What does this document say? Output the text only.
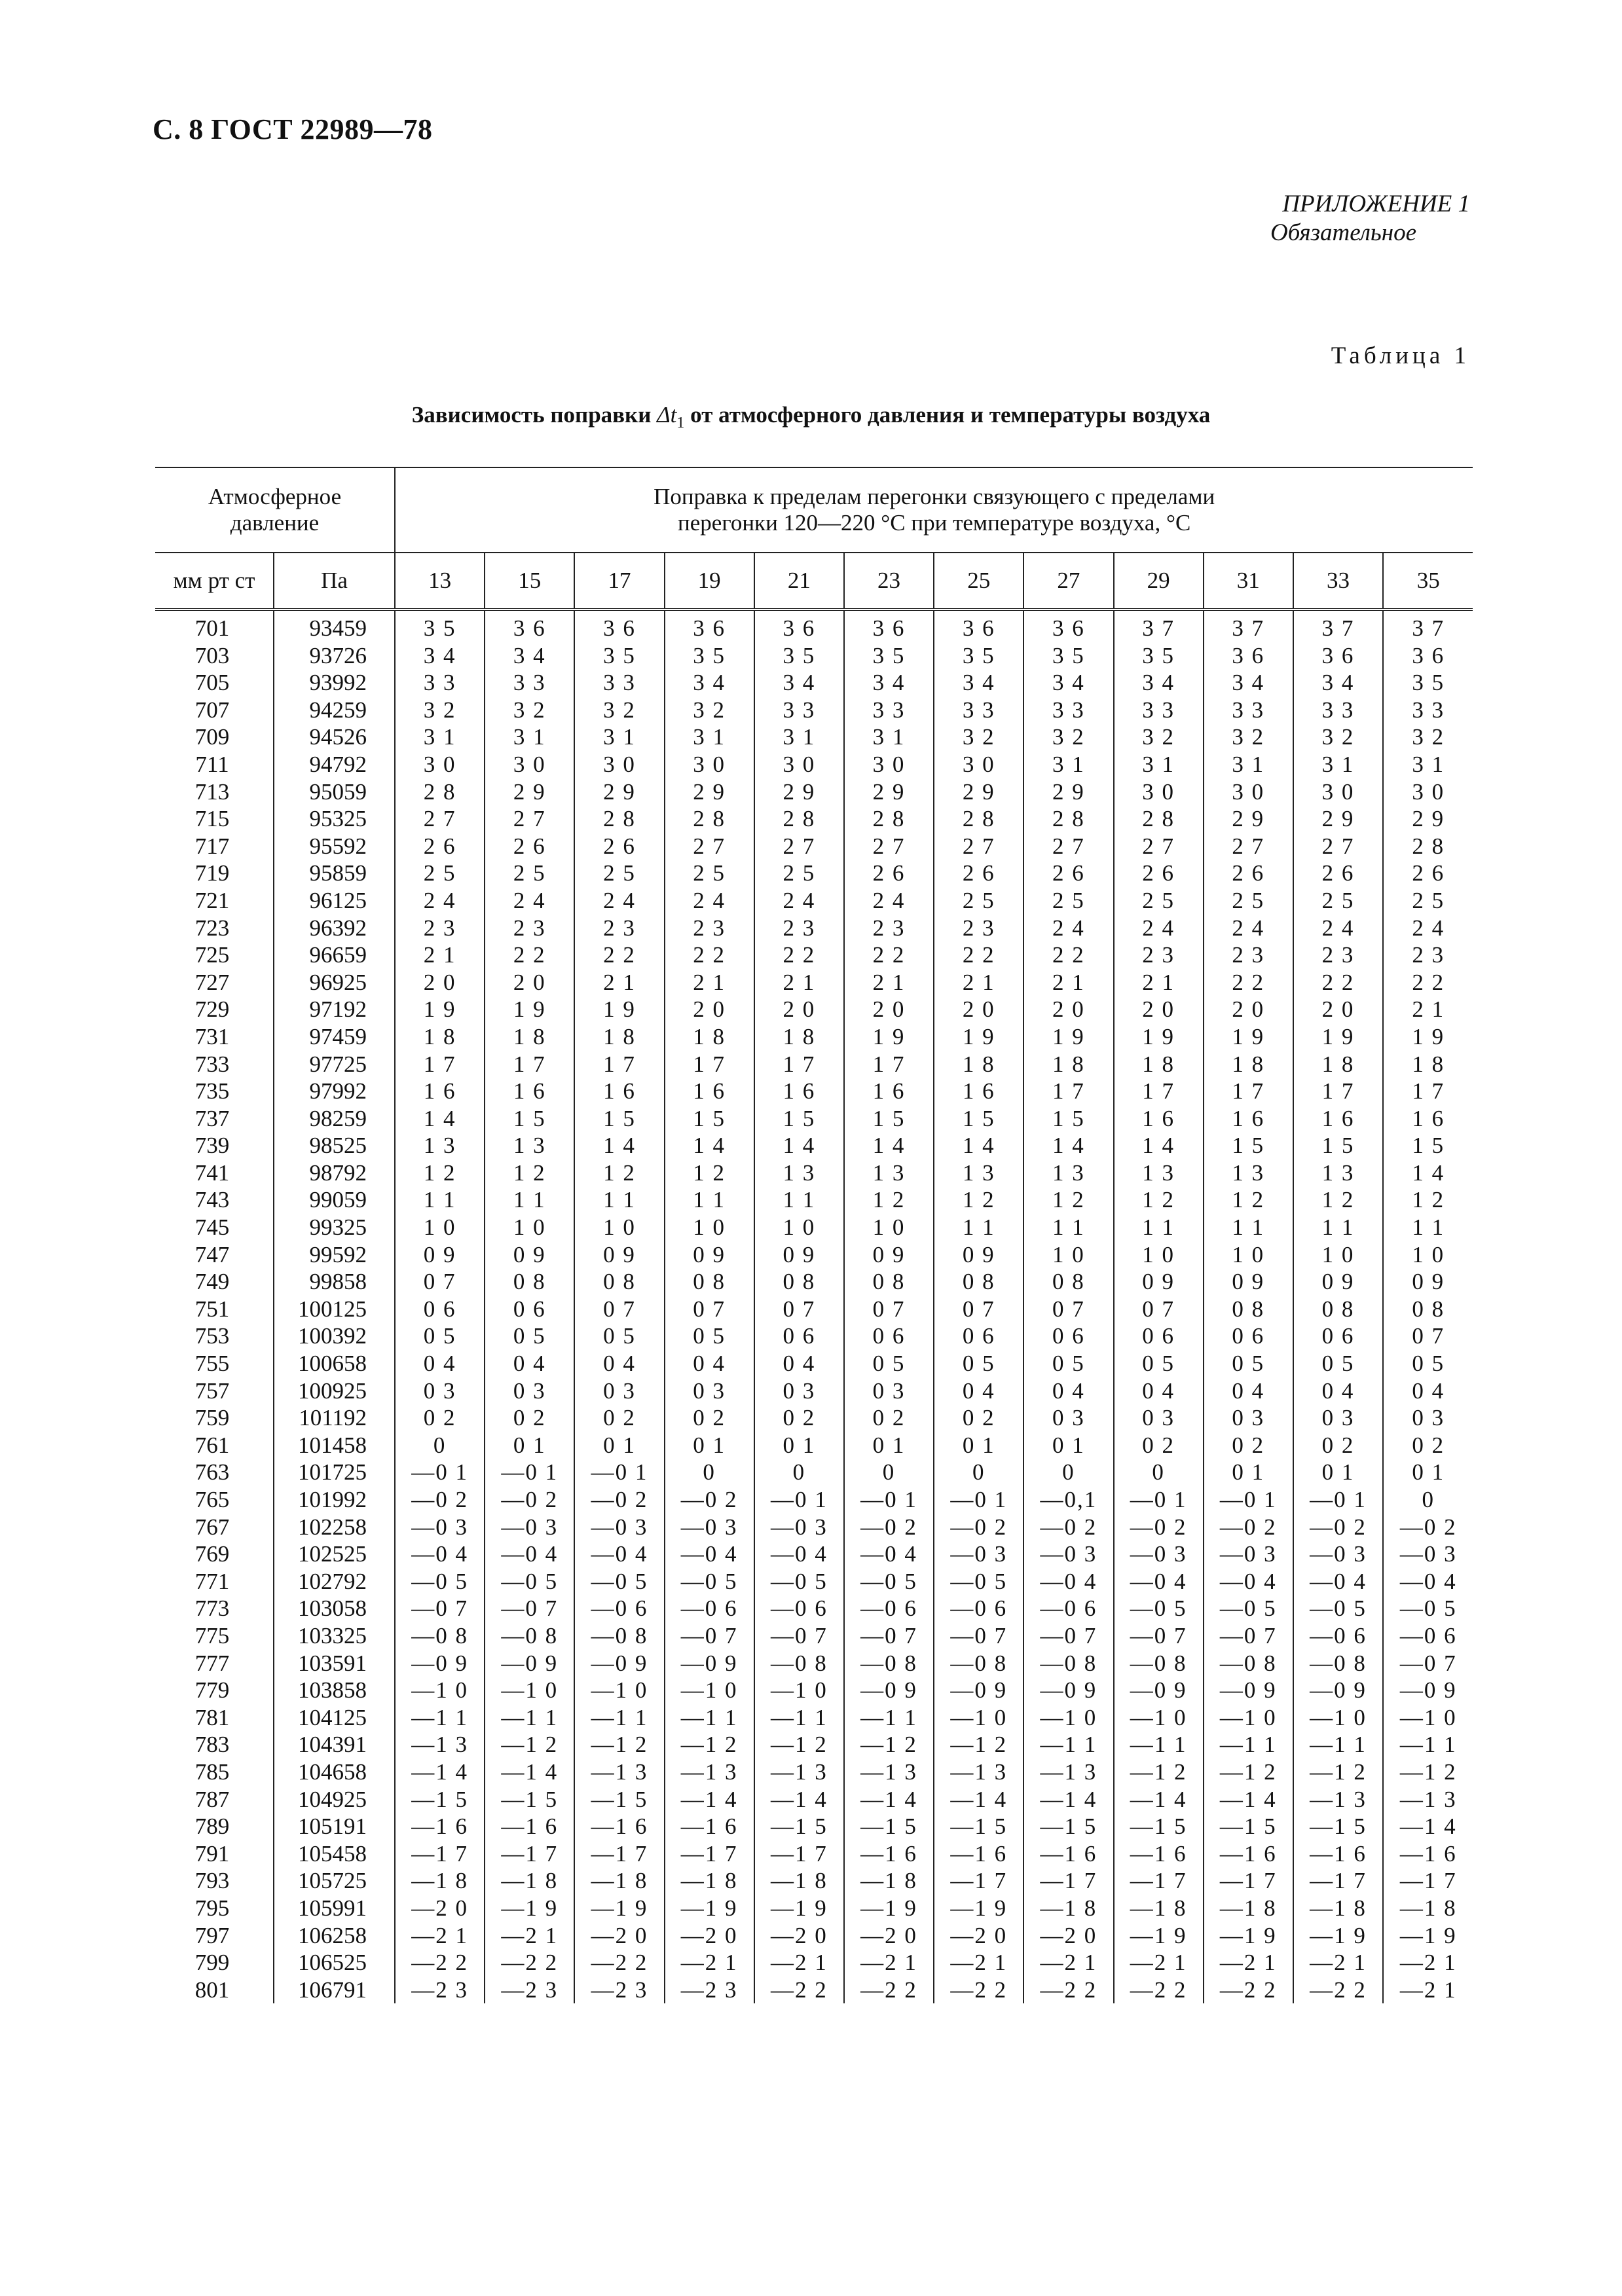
С. 8 ГОСТ 22989—78
ПРИЛОЖЕНИЕ 1

Обязательное
Таблица 1
Зависимость поправки $\Delta t_1$ от атмосферного давления и температуры воздуха
Атмосферное давление		Поправка к пределам перегонки связующего с пределами перегонки 120—220 °С при температуре воздуха, °С											
мм рт ст	Па	13	15	17	19	21	23	25	27	29	31	33	35
701	93459	3 5	3 6	3 6	3 6	3 6	3 6	3 6	3 6	3 7	3 7	3 7	3 7
703	93726	3 4	3 4	3 5	3 5	3 5	3 5	3 5	3 5	3 5	3 6	3 6	3 6
705	93992	3 3	3 3	3 3	3 4	3 4	3 4	3 4	3 4	3 4	3 4	3 4	3 5
707	94259	3 2	3 2	3 2	3 2	3 3	3 3	3 3	3 3	3 3	3 3	3 3	3 3
709	94526	3 1	3 1	3 1	3 1	3 1	3 1	3 2	3 2	3 2	3 2	3 2	3 2
711	94792	3 0	3 0	3 0	3 0	3 0	3 0	3 0	3 1	3 1	3 1	3 1	3 1
713	95059	2 8	2 9	2 9	2 9	2 9	2 9	2 9	2 9	3 0	3 0	3 0	3 0
715	95325	2 7	2 7	2 8	2 8	2 8	2 8	2 8	2 8	2 8	2 9	2 9	2 9
717	95592	2 6	2 6	2 6	2 7	2 7	2 7	2 7	2 7	2 7	2 7	2 7	2 8
719	95859	2 5	2 5	2 5	2 5	2 5	2 6	2 6	2 6	2 6	2 6	2 6	2 6
721	96125	2 4	2 4	2 4	2 4	2 4	2 4	2 5	2 5	2 5	2 5	2 5	2 5
723	96392	2 3	2 3	2 3	2 3	2 3	2 3	2 3	2 4	2 4	2 4	2 4	2 4
725	96659	2 1	2 2	2 2	2 2	2 2	2 2	2 2	2 2	2 3	2 3	2 3	2 3
727	96925	2 0	2 0	2 1	2 1	2 1	2 1	2 1	2 1	2 1	2 2	2 2	2 2
729	97192	1 9	1 9	1 9	2 0	2 0	2 0	2 0	2 0	2 0	2 0	2 0	2 1
731	97459	1 8	1 8	1 8	1 8	1 8	1 9	1 9	1 9	1 9	1 9	1 9	1 9
733	97725	1 7	1 7	1 7	1 7	1 7	1 7	1 8	1 8	1 8	1 8	1 8	1 8
735	97992	1 6	1 6	1 6	1 6	1 6	1 6	1 6	1 7	1 7	1 7	1 7	1 7
737	98259	1 4	1 5	1 5	1 5	1 5	1 5	1 5	1 5	1 6	1 6	1 6	1 6
739	98525	1 3	1 3	1 4	1 4	1 4	1 4	1 4	1 4	1 4	1 5	1 5	1 5
741	98792	1 2	1 2	1 2	1 2	1 3	1 3	1 3	1 3	1 3	1 3	1 3	1 4
743	99059	1 1	1 1	1 1	1 1	1 1	1 2	1 2	1 2	1 2	1 2	1 2	1 2
745	99325	1 0	1 0	1 0	1 0	1 0	1 0	1 1	1 1	1 1	1 1	1 1	1 1
747	99592	0 9	0 9	0 9	0 9	0 9	0 9	0 9	1 0	1 0	1 0	1 0	1 0
749	99858	0 7	0 8	0 8	0 8	0 8	0 8	0 8	0 8	0 9	0 9	0 9	0 9
751	100125	0 6	0 6	0 7	0 7	0 7	0 7	0 7	0 7	0 7	0 8	0 8	0 8
753	100392	0 5	0 5	0 5	0 5	0 6	0 6	0 6	0 6	0 6	0 6	0 6	0 7
755	100658	0 4	0 4	0 4	0 4	0 4	0 5	0 5	0 5	0 5	0 5	0 5	0 5
757	100925	0 3	0 3	0 3	0 3	0 3	0 3	0 4	0 4	0 4	0 4	0 4	0 4
759	101192	0 2	0 2	0 2	0 2	0 2	0 2	0 2	0 3	0 3	0 3	0 3	0 3
761	101458	0	0 1	0 1	0 1	0 1	0 1	0 1	0 1	0 2	0 2	0 2	0 2
763	101725	—0 1	—0 1	—0 1	0	0	0	0	0	0	0 1	0 1	0 1
765	101992	—0 2	—0 2	—0 2	—0 2	—0 1	—0 1	—0 1	—0,1	—0 1	—0 1	—0 1	0
767	102258	—0 3	—0 3	—0 3	—0 3	—0 3	—0 2	—0 2	—0 2	—0 2	—0 2	—0 2	—0 2
769	102525	—0 4	—0 4	—0 4	—0 4	—0 4	—0 4	—0 3	—0 3	—0 3	—0 3	—0 3	—0 3
771	102792	—0 5	—0 5	—0 5	—0 5	—0 5	—0 5	—0 5	—0 4	—0 4	—0 4	—0 4	—0 4
773	103058	—0 7	—0 7	—0 6	—0 6	—0 6	—0 6	—0 6	—0 6	—0 5	—0 5	—0 5	—0 5
775	103325	—0 8	—0 8	—0 8	—0 7	—0 7	—0 7	—0 7	—0 7	—0 7	—0 7	—0 6	—0 6
777	103591	—0 9	—0 9	—0 9	—0 9	—0 8	—0 8	—0 8	—0 8	—0 8	—0 8	—0 8	—0 7
779	103858	—1 0	—1 0	—1 0	—1 0	—1 0	—0 9	—0 9	—0 9	—0 9	—0 9	—0 9	—0 9
781	104125	—1 1	—1 1	—1 1	—1 1	—1 1	—1 1	—1 0	—1 0	—1 0	—1 0	—1 0	—1 0
783	104391	—1 3	—1 2	—1 2	—1 2	—1 2	—1 2	—1 2	—1 1	—1 1	—1 1	—1 1	—1 1
785	104658	—1 4	—1 4	—1 3	—1 3	—1 3	—1 3	—1 3	—1 3	—1 2	—1 2	—1 2	—1 2
787	104925	—1 5	—1 5	—1 5	—1 4	—1 4	—1 4	—1 4	—1 4	—1 4	—1 4	—1 3	—1 3
789	105191	—1 6	—1 6	—1 6	—1 6	—1 5	—1 5	—1 5	—1 5	—1 5	—1 5	—1 5	—1 4
791	105458	—1 7	—1 7	—1 7	—1 7	—1 7	—1 6	—1 6	—1 6	—1 6	—1 6	—1 6	—1 6
793	105725	—1 8	—1 8	—1 8	—1 8	—1 8	—1 8	—1 7	—1 7	—1 7	—1 7	—1 7	—1 7
795	105991	—2 0	—1 9	—1 9	—1 9	—1 9	—1 9	—1 9	—1 8	—1 8	—1 8	—1 8	—1 8
797	106258	—2 1	—2 1	—2 0	—2 0	—2 0	—2 0	—2 0	—2 0	—1 9	—1 9	—1 9	—1 9
799	106525	—2 2	—2 2	—2 2	—2 1	—2 1	—2 1	—2 1	—2 1	—2 1	—2 1	—2 1	—2 1
801	106791	—2 3	—2 3	—2 3	—2 3	—2 2	—2 2	—2 2	—2 2	—2 2	—2 2	—2 2	—2 1
